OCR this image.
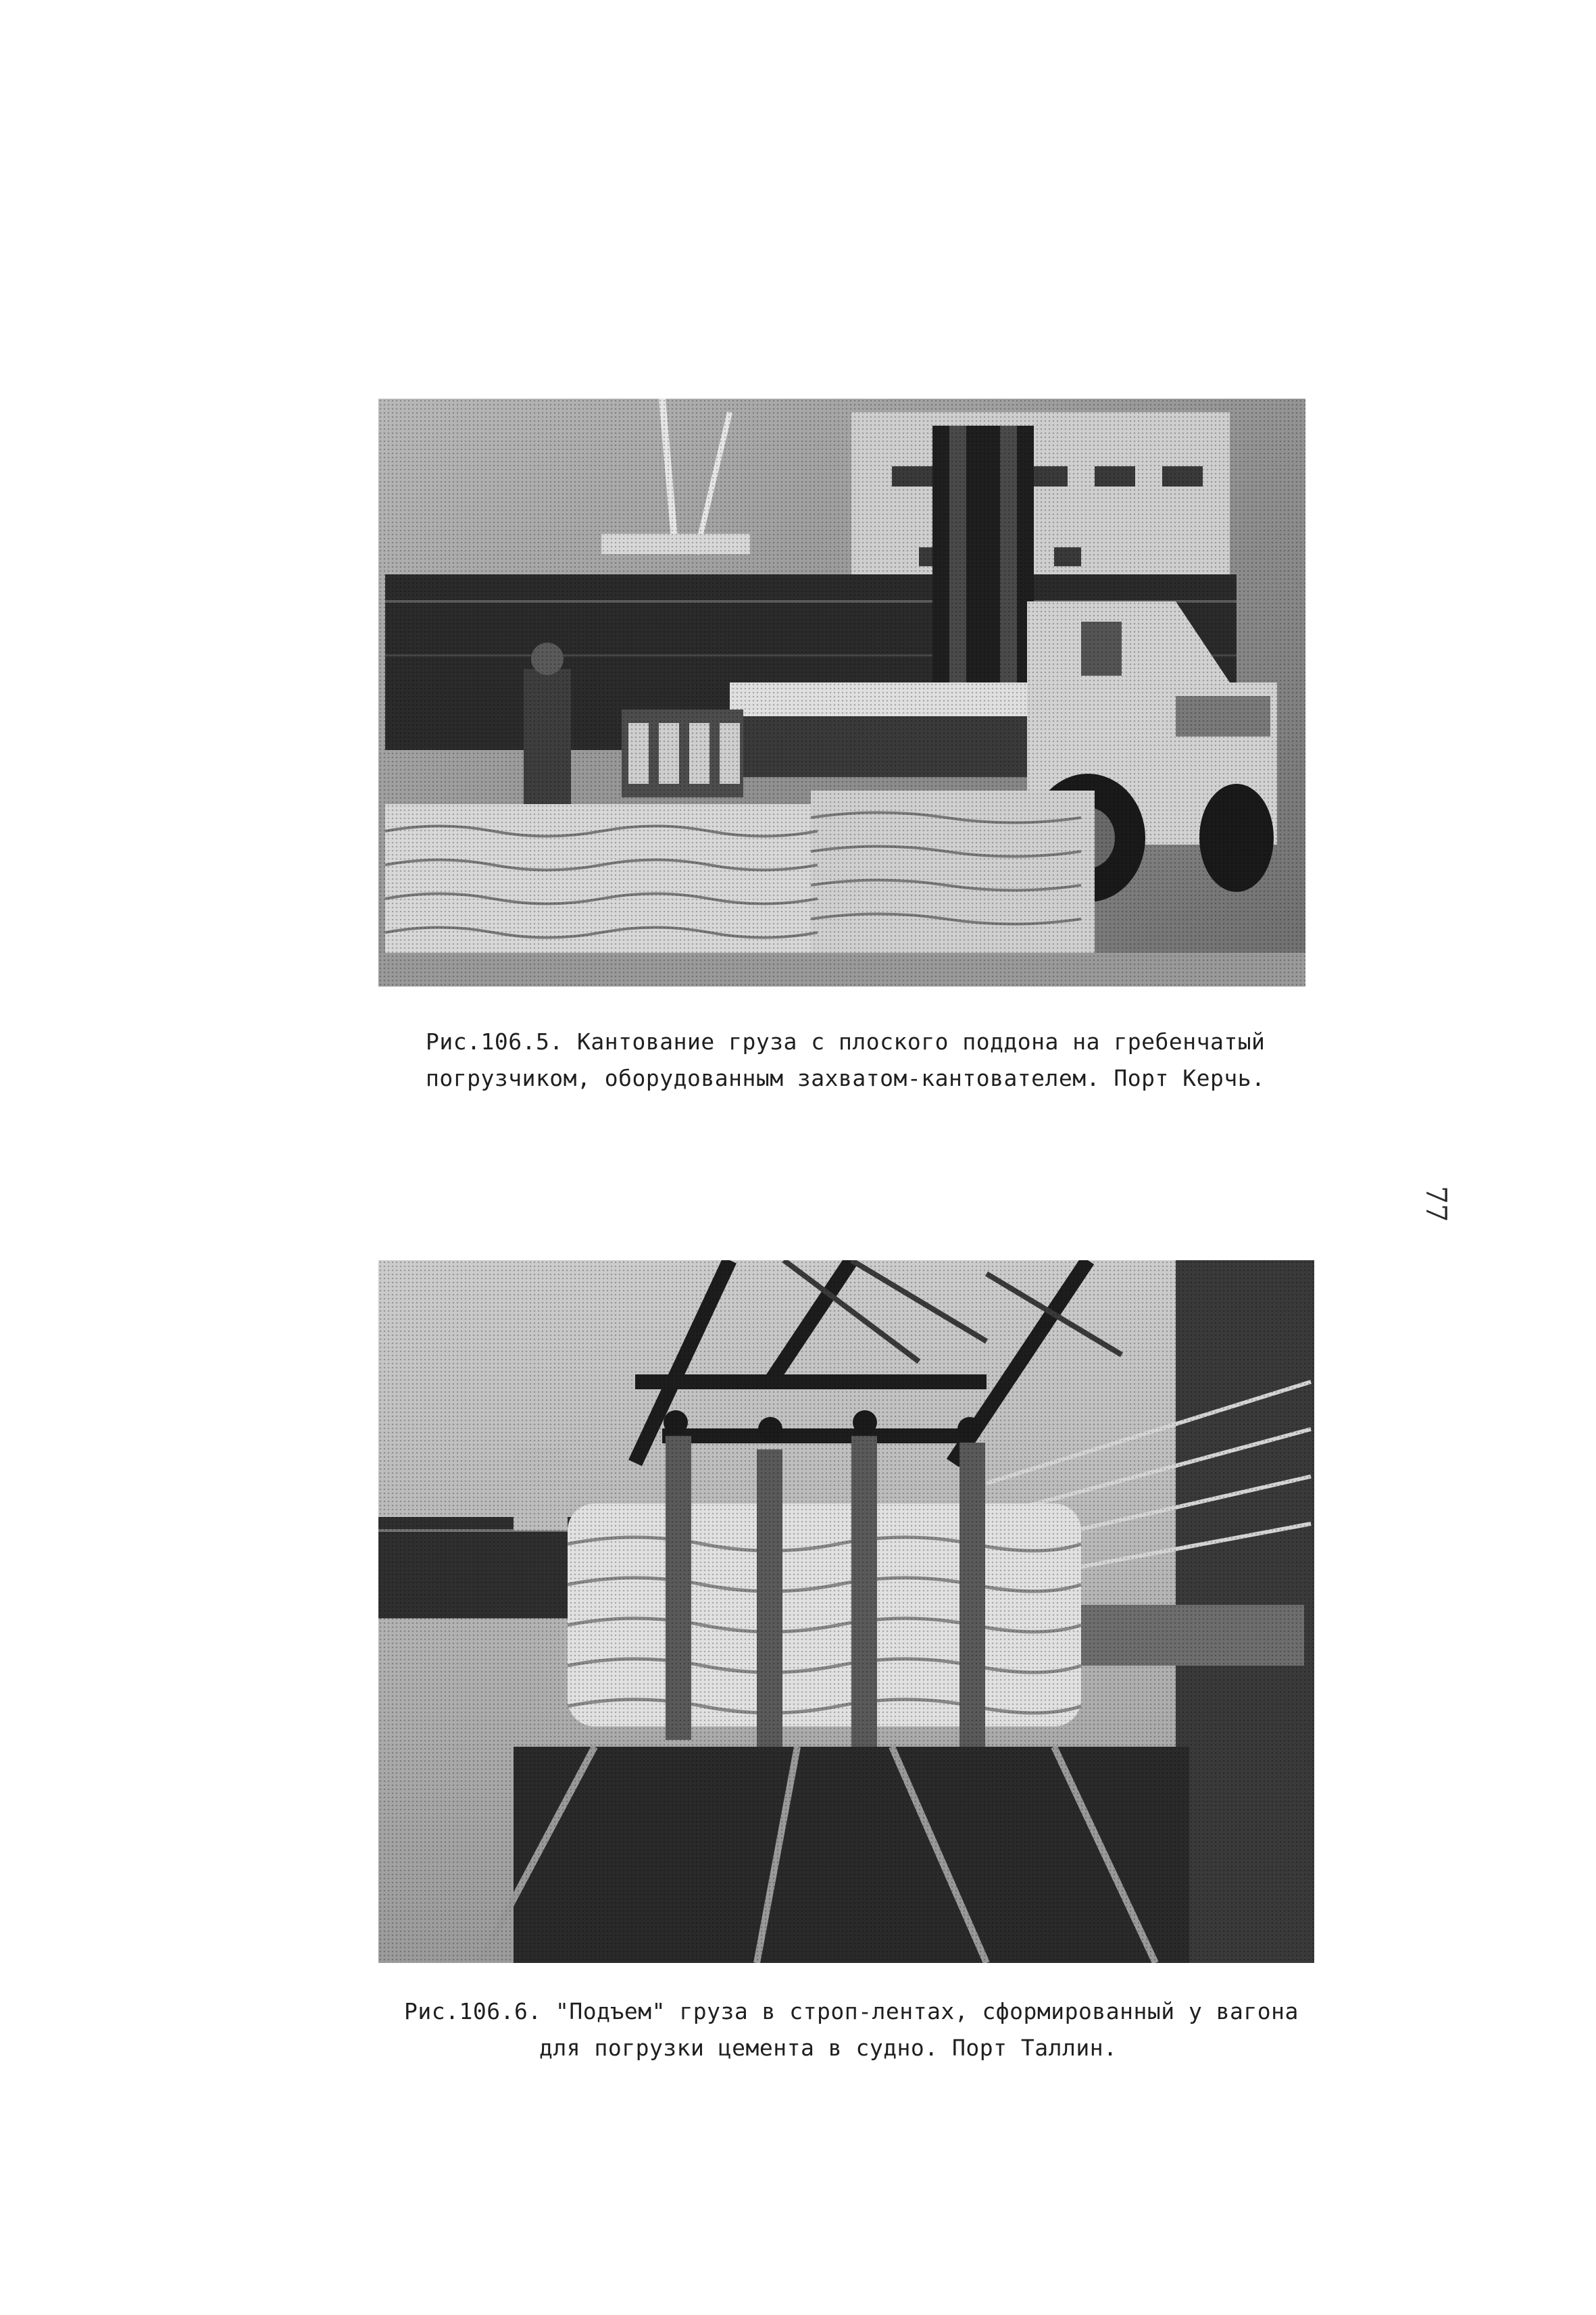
Рис.106.5. Кантование груза с плоского поддона на гребенчатый
погрузчиком, оборудованным захватом-кантователем. Порт Керчь.
77
Рис.106.6. "Подъем" груза в строп-лентах, сформированный у вагона
для погрузки цемента в судно. Порт Таллин.
